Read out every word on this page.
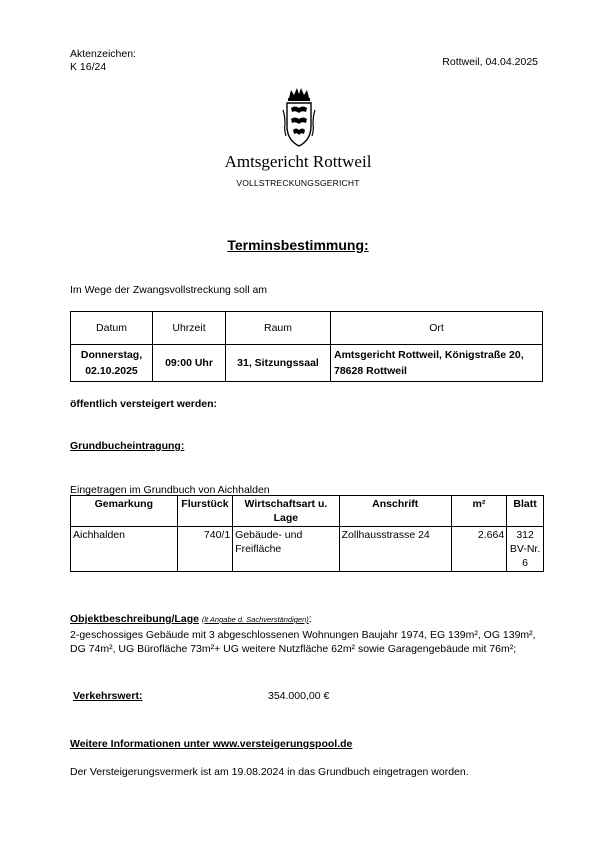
Aktenzeichen:
K 16/24	Rottweil, 04.04.2025
Amtsgericht Rottweil
VOLLSTRECKUNGSGERICHT
Terminsbestimmung:
Im Wege der Zwangsvollstreckung soll am
Datum	Uhrzeit	Raum	Ort

Donnerstag,
02.10.2025	09:00 Uhr	31, Sitzungssaal	Amtsgericht Rottweil, Königstraße 20, 78628 Rottweil
öffentlich versteigert werden:
Grundbucheintragung:
Eingetragen im Grundbuch von Aichhalden
Gemarkung	Flurstück	Wirtschaftsart u. Lage	Anschrift	m²	Blatt
Aichhalden	740/1	Gebäude- und Freifläche	Zollhausstrasse 24	2.664	312 BV-Nr. 6
Objektbeschreibung/Lage (lt Angabe d. Sachverständigen):
2-geschossiges Gebäude mit 3 abgeschlossenen Wohnungen Baujahr 1974, EG 139m², OG 139m², DG 74m², UG Bürofläche 73m²+ UG weitere Nutzfläche 62m² sowie Garagengebäude mit 76m²;
Verkehrswert:	354.000,00 €
Weitere Informationen unter www.versteigerungspool.de
Der Versteigerungsvermerk ist am 19.08.2024 in das Grundbuch eingetragen worden.
